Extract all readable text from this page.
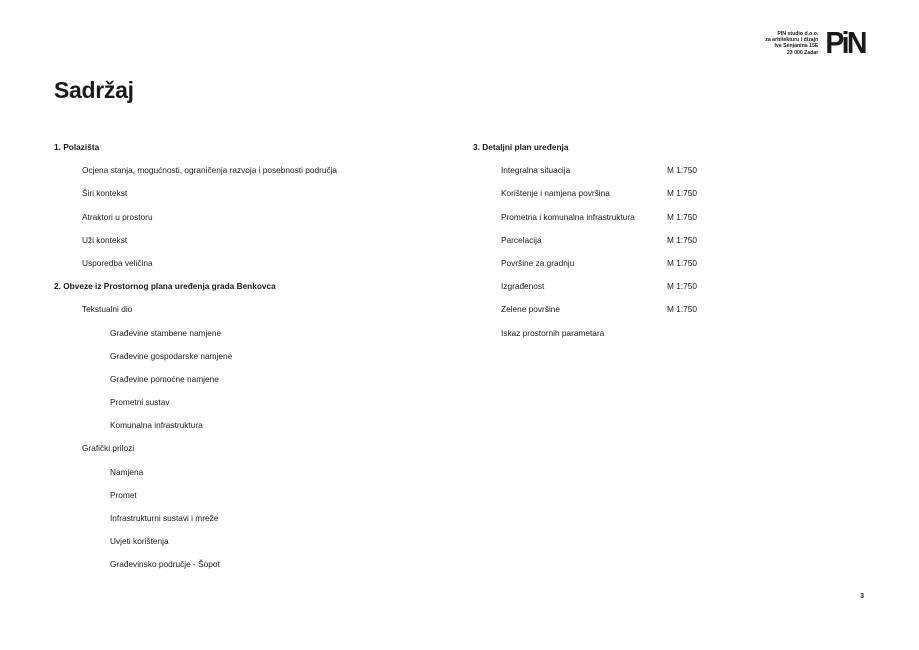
PIN studio d.o.o.
za arhitekturu i dizajn
Ive Senjanina 15E
23 000 Zadar PiN
Sadržaj
1. Polazišta
Ocjena stanja, mogućnosti, ograničenja razvoja i posebnosti područja
Širi kontekst
Atraktori u prostoru
Uži kontekst
Usporedba veličina
2. Obveze iz Prostornog plana uređenja grada Benkovca
Tekstualni dio
Građevine stambene namjene
Građevine gospodarske namjene
Građevine pomoćne namjene
Prometni sustav
Komunalna infrastruktura
Grafički prilozi
Namjena
Promet
Infrastrukturni sustavi i mreže
Uvjeti korištenja
Građevinsko područje - Šopot
3. Detaljni plan uređenja
Integralna situacija	M 1:750
Korištenje i namjena površina	M 1:750
Prometna i komunalna infrastruktura	M 1:750
Parcelacija	M 1:750
Površine za gradnju	M 1:750
Izgrađenost	M 1:750
Zelene površine	M 1:750
Iskaz prostornih parametara
3
